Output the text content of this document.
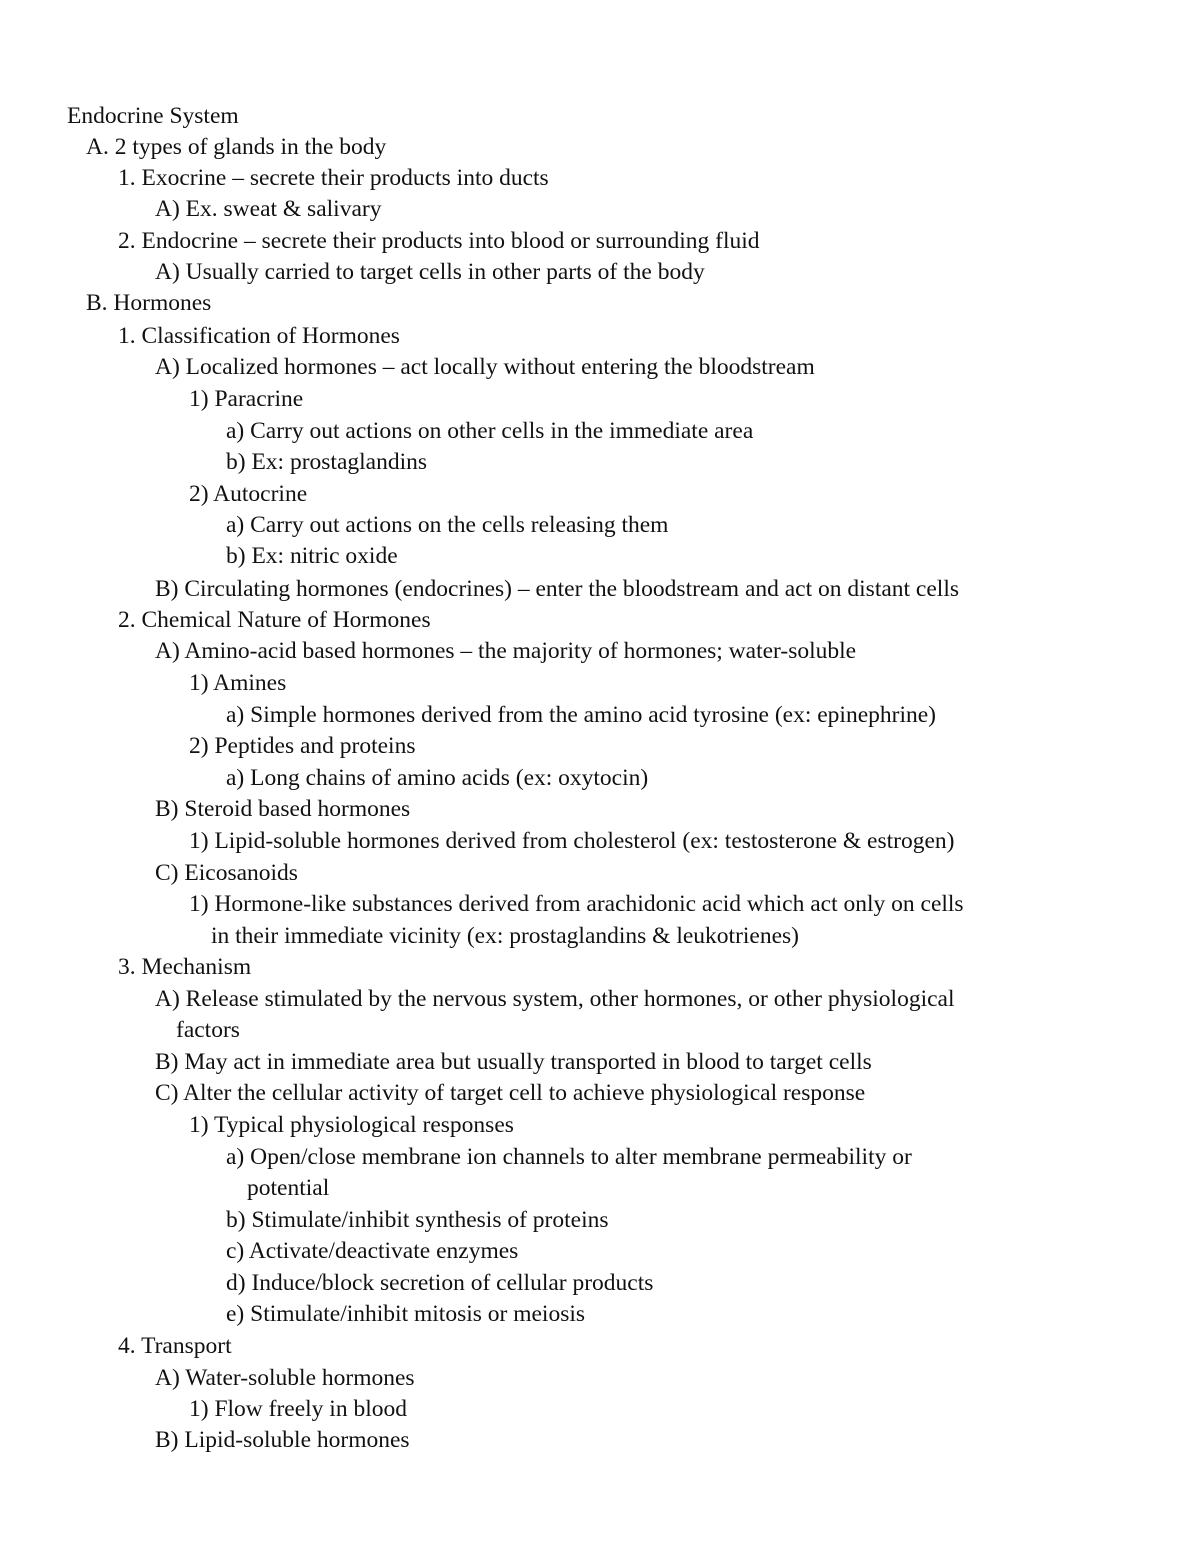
Endocrine System
A. 2 types of glands in the body
1. Exocrine – secrete their products into ducts
A) Ex. sweat & salivary
2. Endocrine – secrete their products into blood or surrounding fluid
A) Usually carried to target cells in other parts of the body
B. Hormones
1. Classification of Hormones
A) Localized hormones – act locally without entering the bloodstream
1) Paracrine
a) Carry out actions on other cells in the immediate area
b) Ex: prostaglandins
2) Autocrine
a) Carry out actions on the cells releasing them
b) Ex: nitric oxide
B) Circulating hormones (endocrines) – enter the bloodstream and act on distant cells
2. Chemical Nature of Hormones
A) Amino-acid based hormones – the majority of hormones; water-soluble
1) Amines
a) Simple hormones derived from the amino acid tyrosine (ex: epinephrine)
2) Peptides and proteins
a) Long chains of amino acids (ex: oxytocin)
B) Steroid based hormones
1) Lipid-soluble hormones derived from cholesterol (ex: testosterone & estrogen)
C) Eicosanoids
1) Hormone-like substances derived from arachidonic acid which act only on cells
in their immediate vicinity (ex: prostaglandins & leukotrienes)
3. Mechanism
A) Release stimulated by the nervous system, other hormones, or other physiological
factors
B) May act in immediate area but usually transported in blood to target cells
C) Alter the cellular activity of target cell to achieve physiological response
1) Typical physiological responses
a) Open/close membrane ion channels to alter membrane permeability or
potential
b) Stimulate/inhibit synthesis of proteins
c) Activate/deactivate enzymes
d) Induce/block secretion of cellular products
e) Stimulate/inhibit mitosis or meiosis
4. Transport
A) Water-soluble hormones
1) Flow freely in blood
B) Lipid-soluble hormones
